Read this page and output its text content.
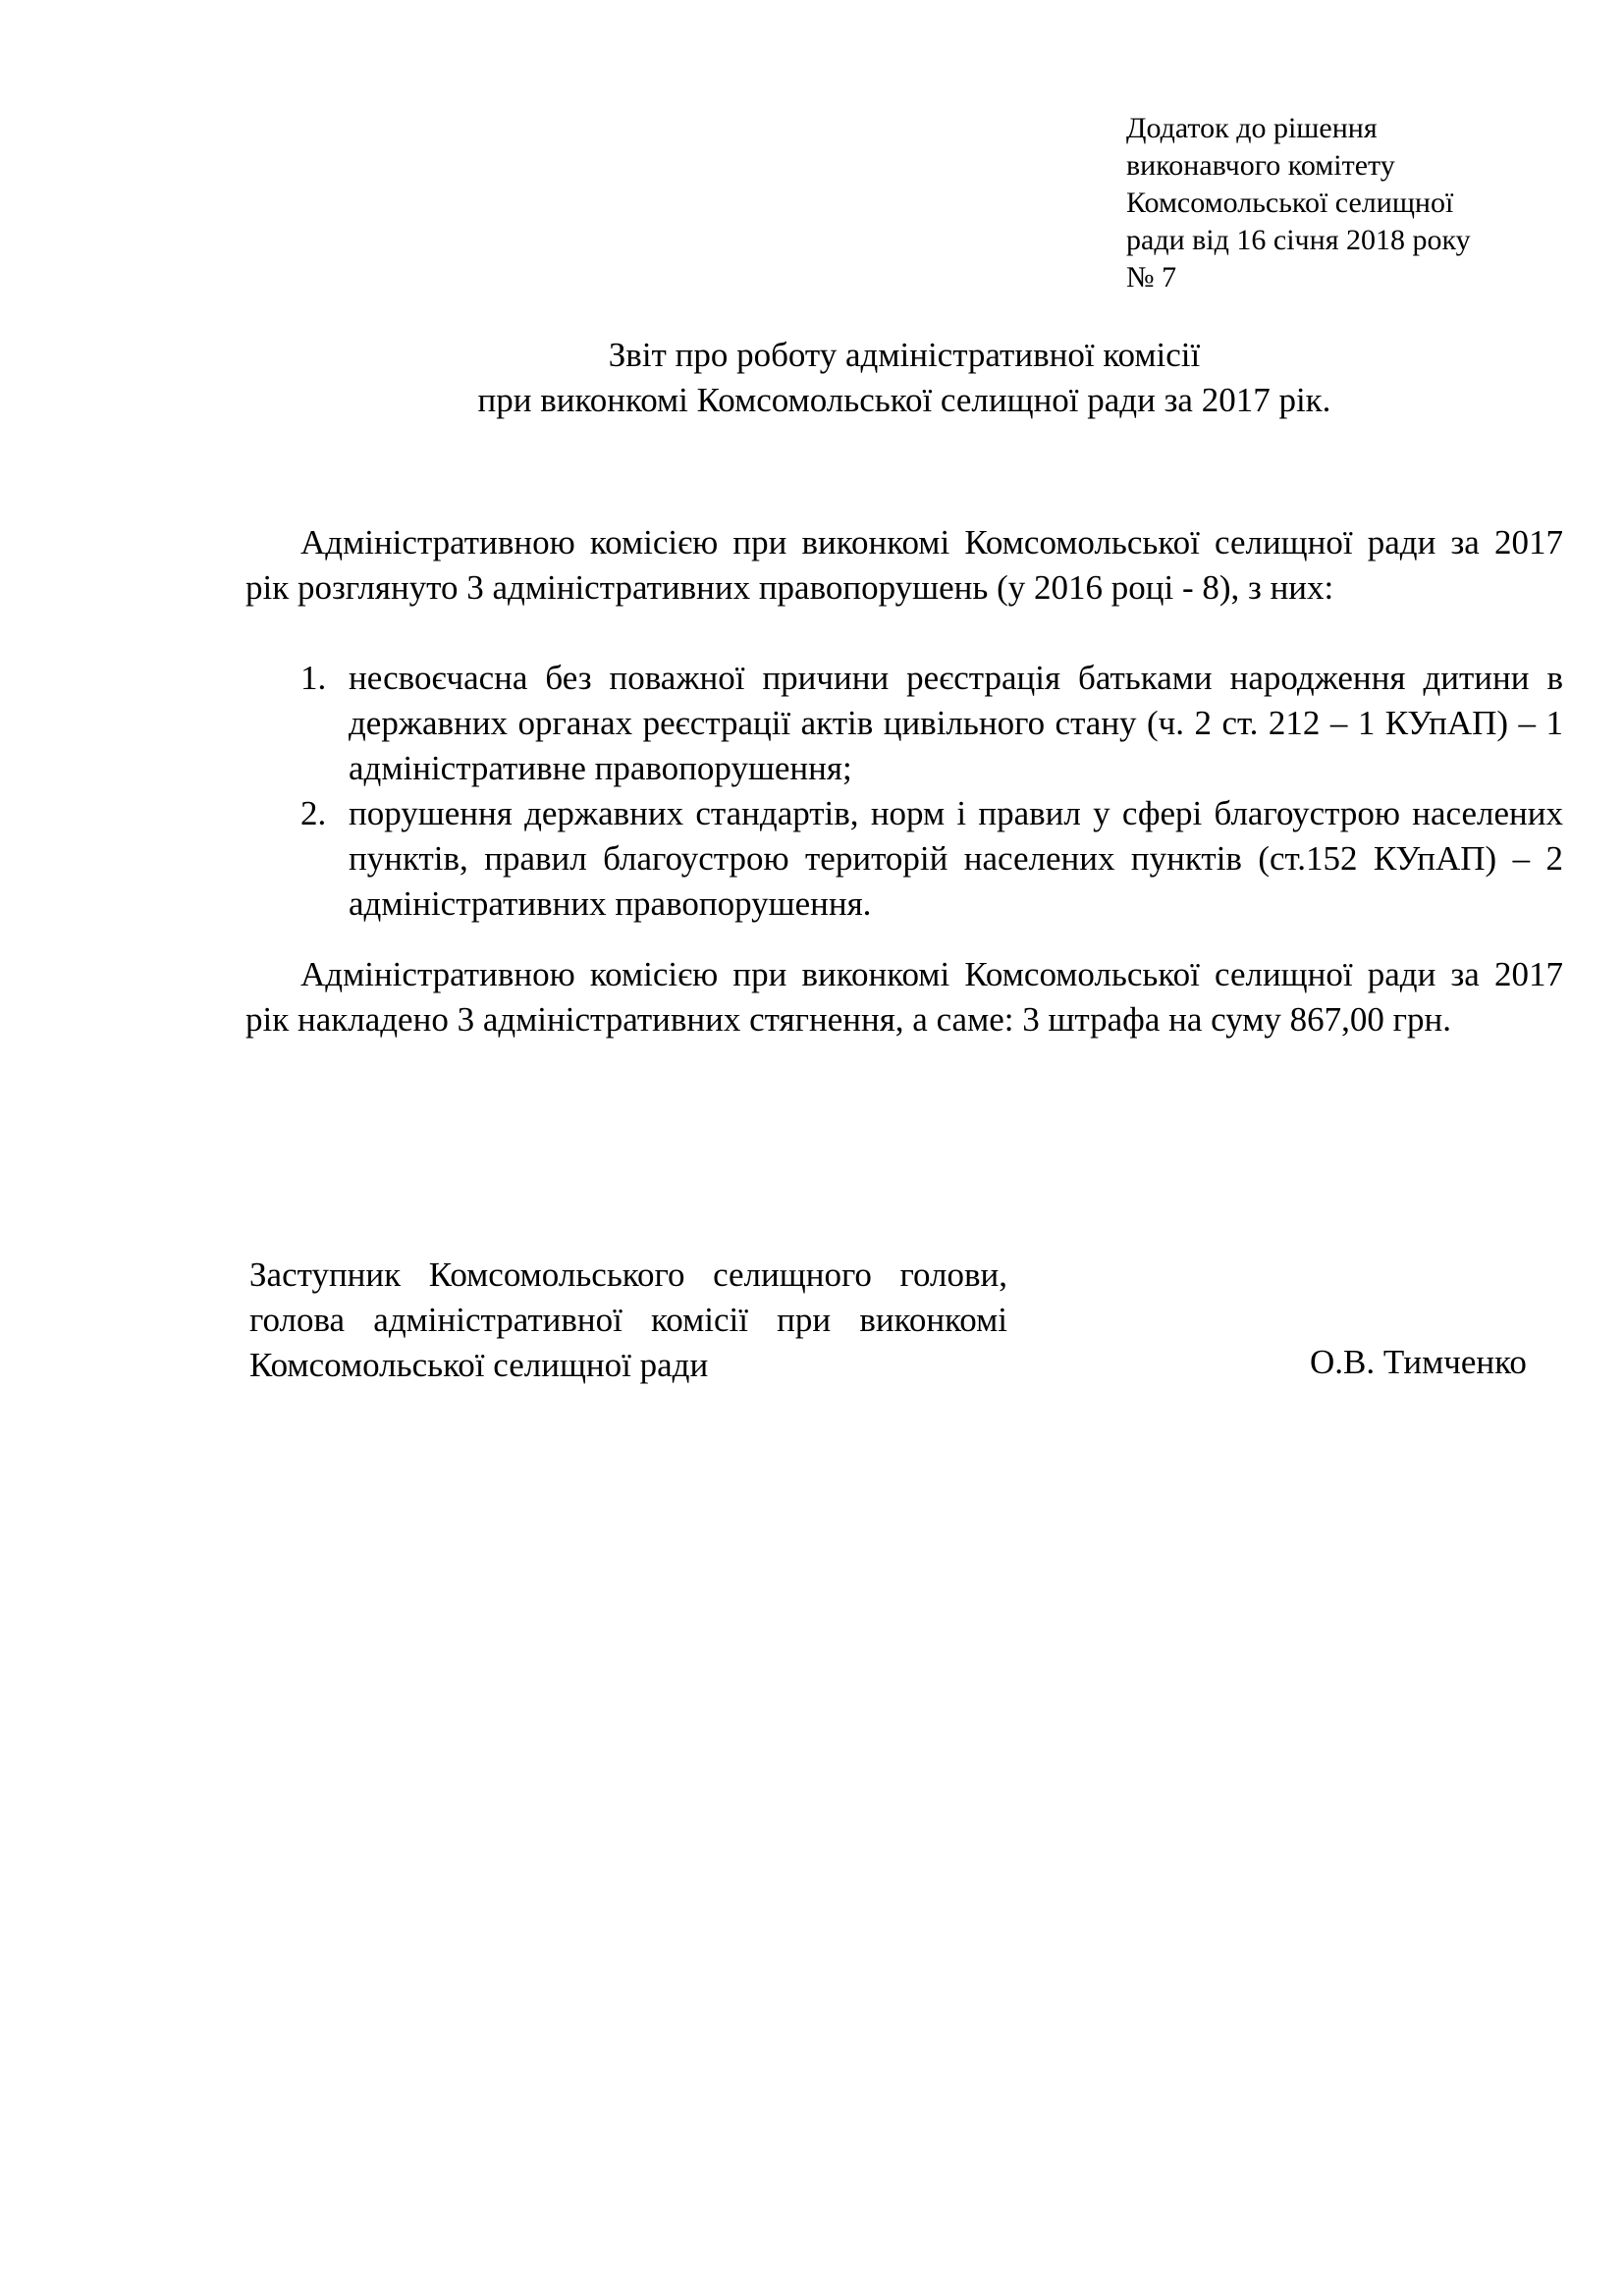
Додаток до рішення
виконавчого комітету
Комсомольської селищної
ради від 16 січня 2018 року
№ 7
Звіт про роботу адміністративної комісії
при виконкомі Комсомольської селищної ради за 2017 рік.

Адміністративною комісією при виконкомі Комсомольської селищної ради за 2017 рік розглянуто 3 адміністративних правопорушень (у 2016 році - 8), з них:

1. несвоєчасна без поважної причини реєстрація батьками народження дитини в державних органах реєстрації актів цивільного стану (ч. 2 ст. 212 – 1 КУпАП) – 1 адміністративне правопорушення;
2. порушення державних стандартів, норм і правил у сфері благоустрою населених пунктів, правил благоустрою територій населених пунктів (ст.152 КУпАП) – 2 адміністративних правопорушення.

Адміністративною комісією при виконкомі Комсомольської селищної ради за 2017 рік накладено 3 адміністративних стягнення, а саме: 3 штрафа на суму 867,00 грн.

Заступник Комсомольського селищного голови, голова адміністративної комісії при виконкомі Комсомольської селищної ради	О.В. Тимченко
